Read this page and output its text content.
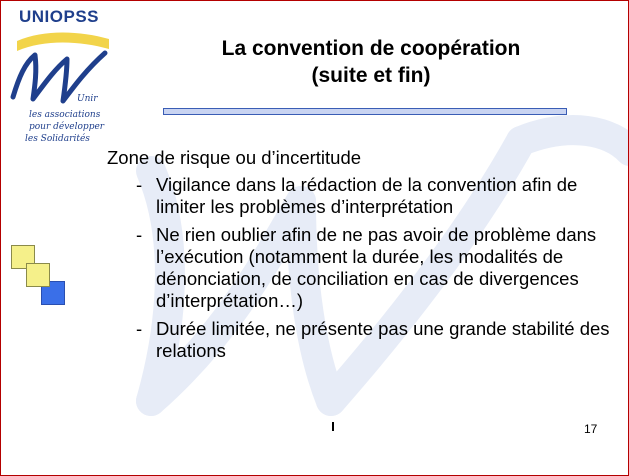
UNIOPSS
Unir
les associations
pour développer
les Solidarités
La convention de coopération
(suite et fin)
Zone de risque ou d’incertitude
- Vigilance dans la rédaction de la convention afin de limiter les problèmes d’interprétation
- Ne rien oublier afin de ne pas avoir de problème dans l’exécution (notamment la durée, les modalités de dénonciation, de conciliation en cas de divergences d’interprétation…)
- Durée limitée, ne présente pas une grande stabilité des relations
17
